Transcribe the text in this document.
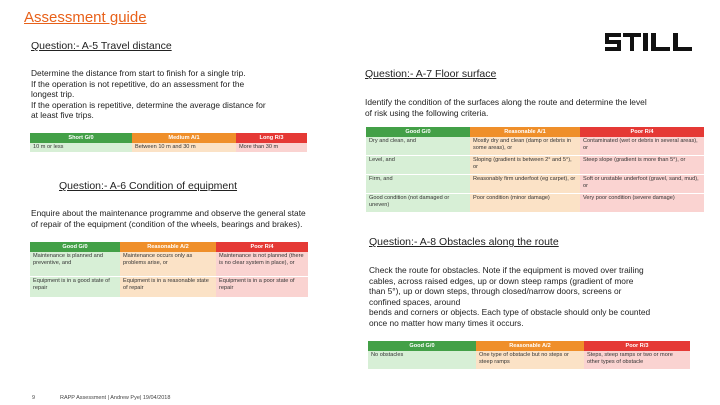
Assessment guide
Question:- A-5 Travel distance
Determine the distance from start to finish for a single trip.
If the operation is not repetitive, do an assessment for the
longest trip.
If the operation is repetitive, determine the average distance for
at least five trips.
Short G/0	Medium A/1	Long R/3
10 m or less	Between 10 m and 30 m	More than 30 m
Question:- A-6 Condition of equipment
Enquire about the maintenance programme and observe the general state
of repair of the equipment (condition of the wheels, bearings and brakes).
Good G/0	Reasonable A/2	Poor R/4
Maintenance is planned and preventive, and	Maintenance occurs only as problems arise, or	Maintenance is not planned (there is no clear system in place), or
Equipment is in a good state of repair	Equipment is in a reasonable state of repair	Equipment is in a poor state of repair
Question:- A-7 Floor surface
Identify the condition of the surfaces along the route and determine the level
of risk using the following criteria.
Good G/0	Reasonable A/1	Poor R/4
Dry and clean, and	Mostly dry and clean (damp or debris in some areas), or	Contaminated (wet or debris in several areas), or
Level, and	Sloping (gradient is between 2° and 5°), or	Steep slope (gradient is more than 5°), or
Firm, and	Reasonably firm underfoot (eg carpet), or	Soft or unstable underfoot (gravel, sand, mud), or
Good condition (not damaged or uneven)	Poor condition (minor damage)	Very poor condition (severe damage)
Question:- A-8 Obstacles along the route
Check the route for obstacles. Note if the equipment is moved over trailing
cables, across raised edges, up or down steep ramps (gradient of more
than 5°), up or down steps, through closed/narrow doors, screens or
confined spaces, around
bends and corners or objects. Each type of obstacle should only be counted
once no matter how many times it occurs.
Good G/0	Reasonable A/2	Poor R/3
No obstacles	One type of obstacle but no steps or steep ramps	Steps, steep ramps or two or more other types of obstacle
9	RAPP Assessment | Andrew Pye| 19/04/2018
